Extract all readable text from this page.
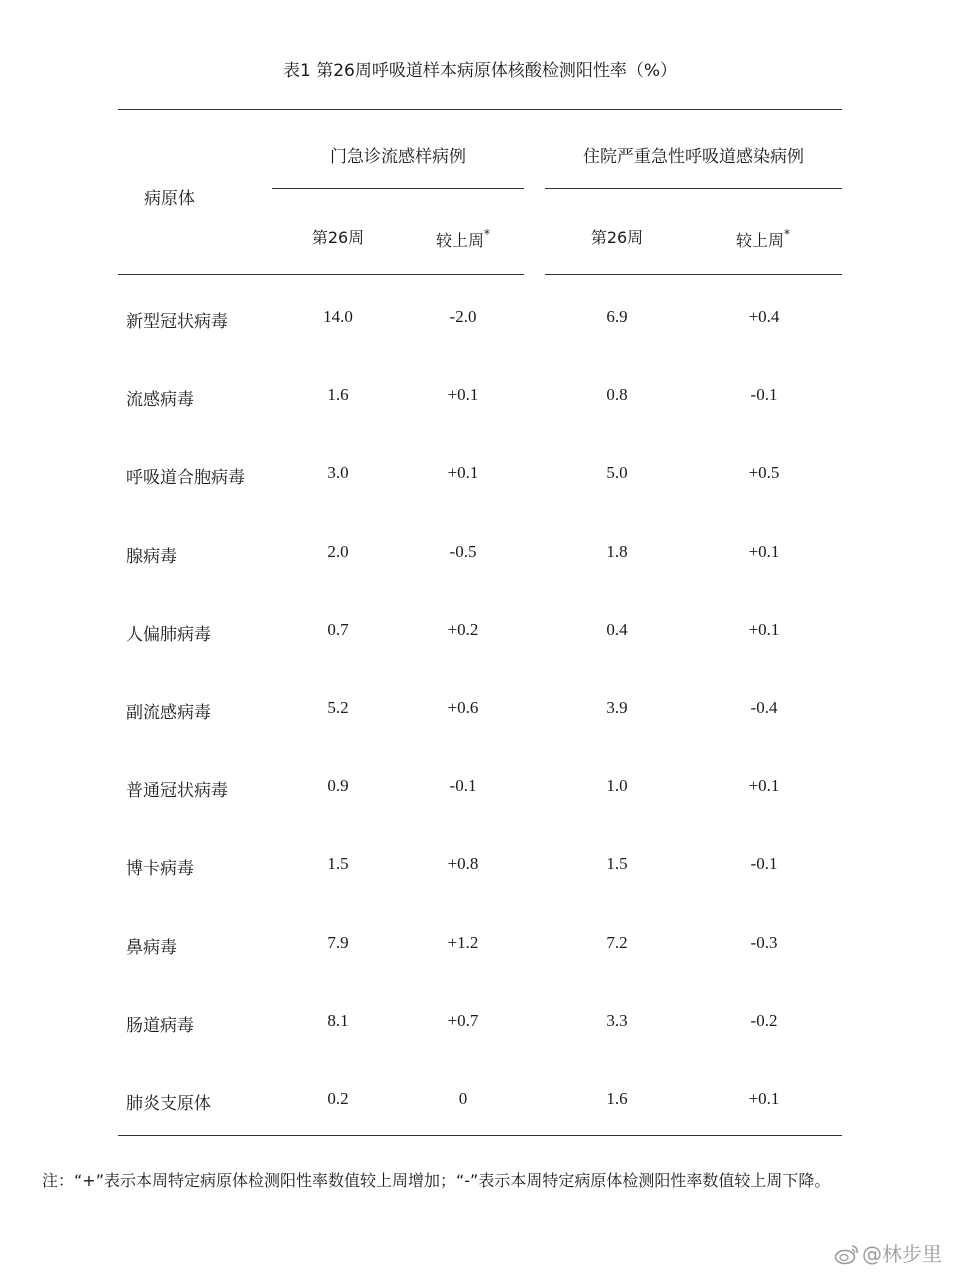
表1 第26周呼吸道样本病原体核酸检测阳性率（%）
病原体
门急诊流感样病例	住院严重急性呼吸道感染病例
第26周	较上周*	第26周	较上周*
新型冠状病毒	14.0	-2.0	6.9	+0.4
流感病毒	1.6	+0.1	0.8	-0.1
呼吸道合胞病毒	3.0	+0.1	5.0	+0.5
腺病毒	2.0	-0.5	1.8	+0.1
人偏肺病毒	0.7	+0.2	0.4	+0.1
副流感病毒	5.2	+0.6	3.9	-0.4
普通冠状病毒	0.9	-0.1	1.0	+0.1
博卡病毒	1.5	+0.8	1.5	-0.1
鼻病毒	7.9	+1.2	7.2	-0.3
肠道病毒	8.1	+0.7	3.3	-0.2
肺炎支原体	0.2	0	1.6	+0.1
注：“+”表示本周特定病原体检测阳性率数值较上周增加；“-”表示本周特定病原体检测阳性率数值较上周下降。
@林步里
